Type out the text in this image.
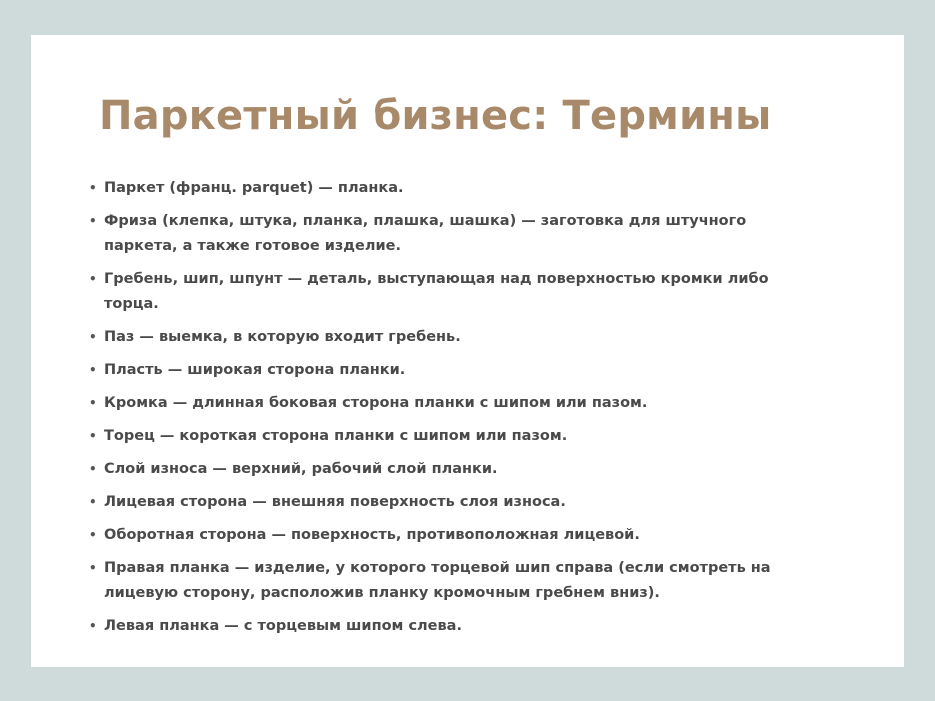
Паркетный бизнес: Термины
• Паркет (франц. parquet) — планка.
• Фриза (клепка, штука, планка, плашка, шашка) — заготовка для штучного паркета, а также готовое изделие.
• Гребень, шип, шпунт — деталь, выступающая над поверхностью кромки либо торца.
• Паз — выемка, в которую входит гребень.
• Пласть — широкая сторона планки.
• Кромка — длинная боковая сторона планки с шипом или пазом.
• Торец — короткая сторона планки с шипом или пазом.
• Слой износа — верхний, рабочий слой планки.
• Лицевая сторона — внешняя поверхность слоя износа.
• Оборотная сторона — поверхность, противоположная лицевой.
• Правая планка — изделие, у которого торцевой шип справа (если смотреть на лицевую сторону, расположив планку кромочным гребнем вниз).
• Левая планка — с торцевым шипом слева.
